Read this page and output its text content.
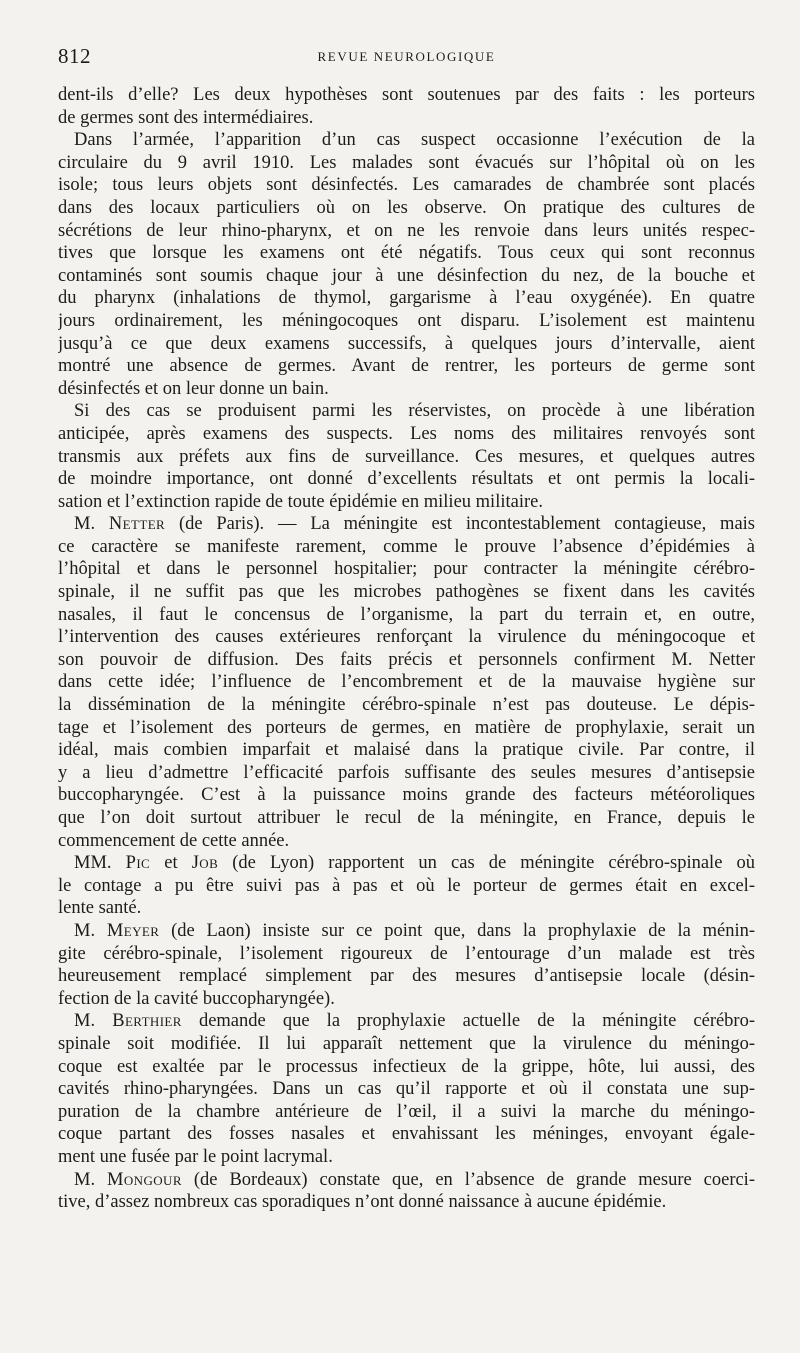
812	REVUE NEUROLOGIQUE
dent-ils d’elle? Les deux hypothèses sont soutenues par des faits : les porteurs
de germes sont des intermédiaires.
Dans l’armée, l’apparition d’un cas suspect occasionne l’exécution de la
circulaire du 9 avril 1910. Les malades sont évacués sur l’hôpital où on les
isole; tous leurs objets sont désinfectés. Les camarades de chambrée sont placés
dans des locaux particuliers où on les observe. On pratique des cultures de
sécrétions de leur rhino-pharynx, et on ne les renvoie dans leurs unités respec-
tives que lorsque les examens ont été négatifs. Tous ceux qui sont reconnus
contaminés sont soumis chaque jour à une désinfection du nez, de la bouche et
du pharynx (inhalations de thymol, gargarisme à l’eau oxygénée). En quatre
jours ordinairement, les méningocoques ont disparu. L’isolement est maintenu
jusqu’à ce que deux examens successifs, à quelques jours d’intervalle, aient
montré une absence de germes. Avant de rentrer, les porteurs de germe sont
désinfectés et on leur donne un bain.
Si des cas se produisent parmi les réservistes, on procède à une libération
anticipée, après examens des suspects. Les noms des militaires renvoyés sont
transmis aux préfets aux fins de surveillance. Ces mesures, et quelques autres
de moindre importance, ont donné d’excellents résultats et ont permis la locali-
sation et l’extinction rapide de toute épidémie en milieu militaire.
M. Netter (de Paris). — La méningite est incontestablement contagieuse, mais
ce caractère se manifeste rarement, comme le prouve l’absence d’épidémies à
l’hôpital et dans le personnel hospitalier; pour contracter la méningite cérébro-
spinale, il ne suffit pas que les microbes pathogènes se fixent dans les cavités
nasales, il faut le concensus de l’organisme, la part du terrain et, en outre,
l’intervention des causes extérieures renforçant la virulence du méningocoque et
son pouvoir de diffusion. Des faits précis et personnels confirment M. Netter
dans cette idée; l’influence de l’encombrement et de la mauvaise hygiène sur
la dissémination de la méningite cérébro-spinale n’est pas douteuse. Le dépis-
tage et l’isolement des porteurs de germes, en matière de prophylaxie, serait un
idéal, mais combien imparfait et malaisé dans la pratique civile. Par contre, il
y a lieu d’admettre l’efficacité parfois suffisante des seules mesures d’antisepsie
buccopharyngée. C’est à la puissance moins grande des facteurs météoroliques
que l’on doit surtout attribuer le recul de la méningite, en France, depuis le
commencement de cette année.
MM. Pic et Job (de Lyon) rapportent un cas de méningite cérébro-spinale où
le contage a pu être suivi pas à pas et où le porteur de germes était en excel-
lente santé.
M. Meyer (de Laon) insiste sur ce point que, dans la prophylaxie de la ménin-
gite cérébro-spinale, l’isolement rigoureux de l’entourage d’un malade est très
heureusement remplacé simplement par des mesures d’antisepsie locale (désin-
fection de la cavité buccopharyngée).
M. Berthier demande que la prophylaxie actuelle de la méningite cérébro-
spinale soit modifiée. Il lui apparaît nettement que la virulence du méningo-
coque est exaltée par le processus infectieux de la grippe, hôte, lui aussi, des
cavités rhino-pharyngées. Dans un cas qu’il rapporte et où il constata une sup-
puration de la chambre antérieure de l’œil, il a suivi la marche du méningo-
coque partant des fosses nasales et envahissant les méninges, envoyant égale-
ment une fusée par le point lacrymal.
M. Mongour (de Bordeaux) constate que, en l’absence de grande mesure coerci-
tive, d’assez nombreux cas sporadiques n’ont donné naissance à aucune épidémie.
